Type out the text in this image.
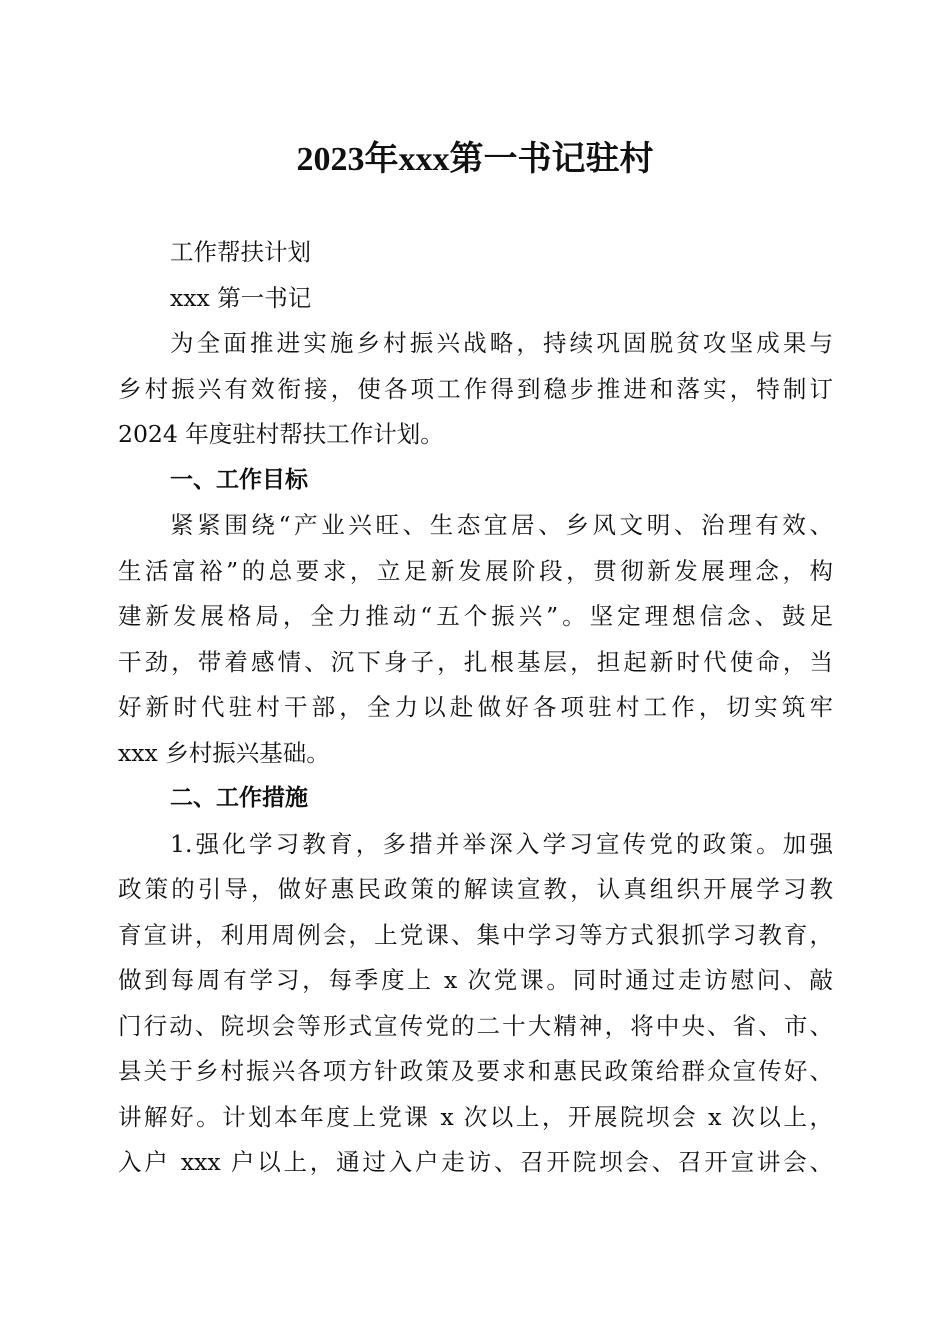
2023年xxx第一书记驻村
工作帮扶计划
xxx 第一书记
为全面推进实施乡村振兴战略，持续巩固脱贫攻坚成果与
乡村振兴有效衔接，使各项工作得到稳步推进和落实，特制订
2024 年度驻村帮扶工作计划。
一、工作目标
紧紧围绕“产业兴旺、生态宜居、乡风文明、治理有效、
生活富裕”的总要求，立足新发展阶段，贯彻新发展理念，构
建新发展格局，全力推动“五个振兴”。坚定理想信念、鼓足
干劲，带着感情、沉下身子，扎根基层，担起新时代使命，当
好新时代驻村干部，全力以赴做好各项驻村工作，切实筑牢
xxx 乡村振兴基础。
二、工作措施
1.强化学习教育，多措并举深入学习宣传党的政策。加强
政策的引导，做好惠民政策的解读宣教，认真组织开展学习教
育宣讲，利用周例会，上党课、集中学习等方式狠抓学习教育，
做到每周有学习，每季度上 x 次党课。同时通过走访慰问、敲
门行动、院坝会等形式宣传党的二十大精神，将中央、省、市、
县关于乡村振兴各项方针政策及要求和惠民政策给群众宣传好、
讲解好。计划本年度上党课 x 次以上，开展院坝会 x 次以上，
入户 xxx 户以上，通过入户走访、召开院坝会、召开宣讲会、
